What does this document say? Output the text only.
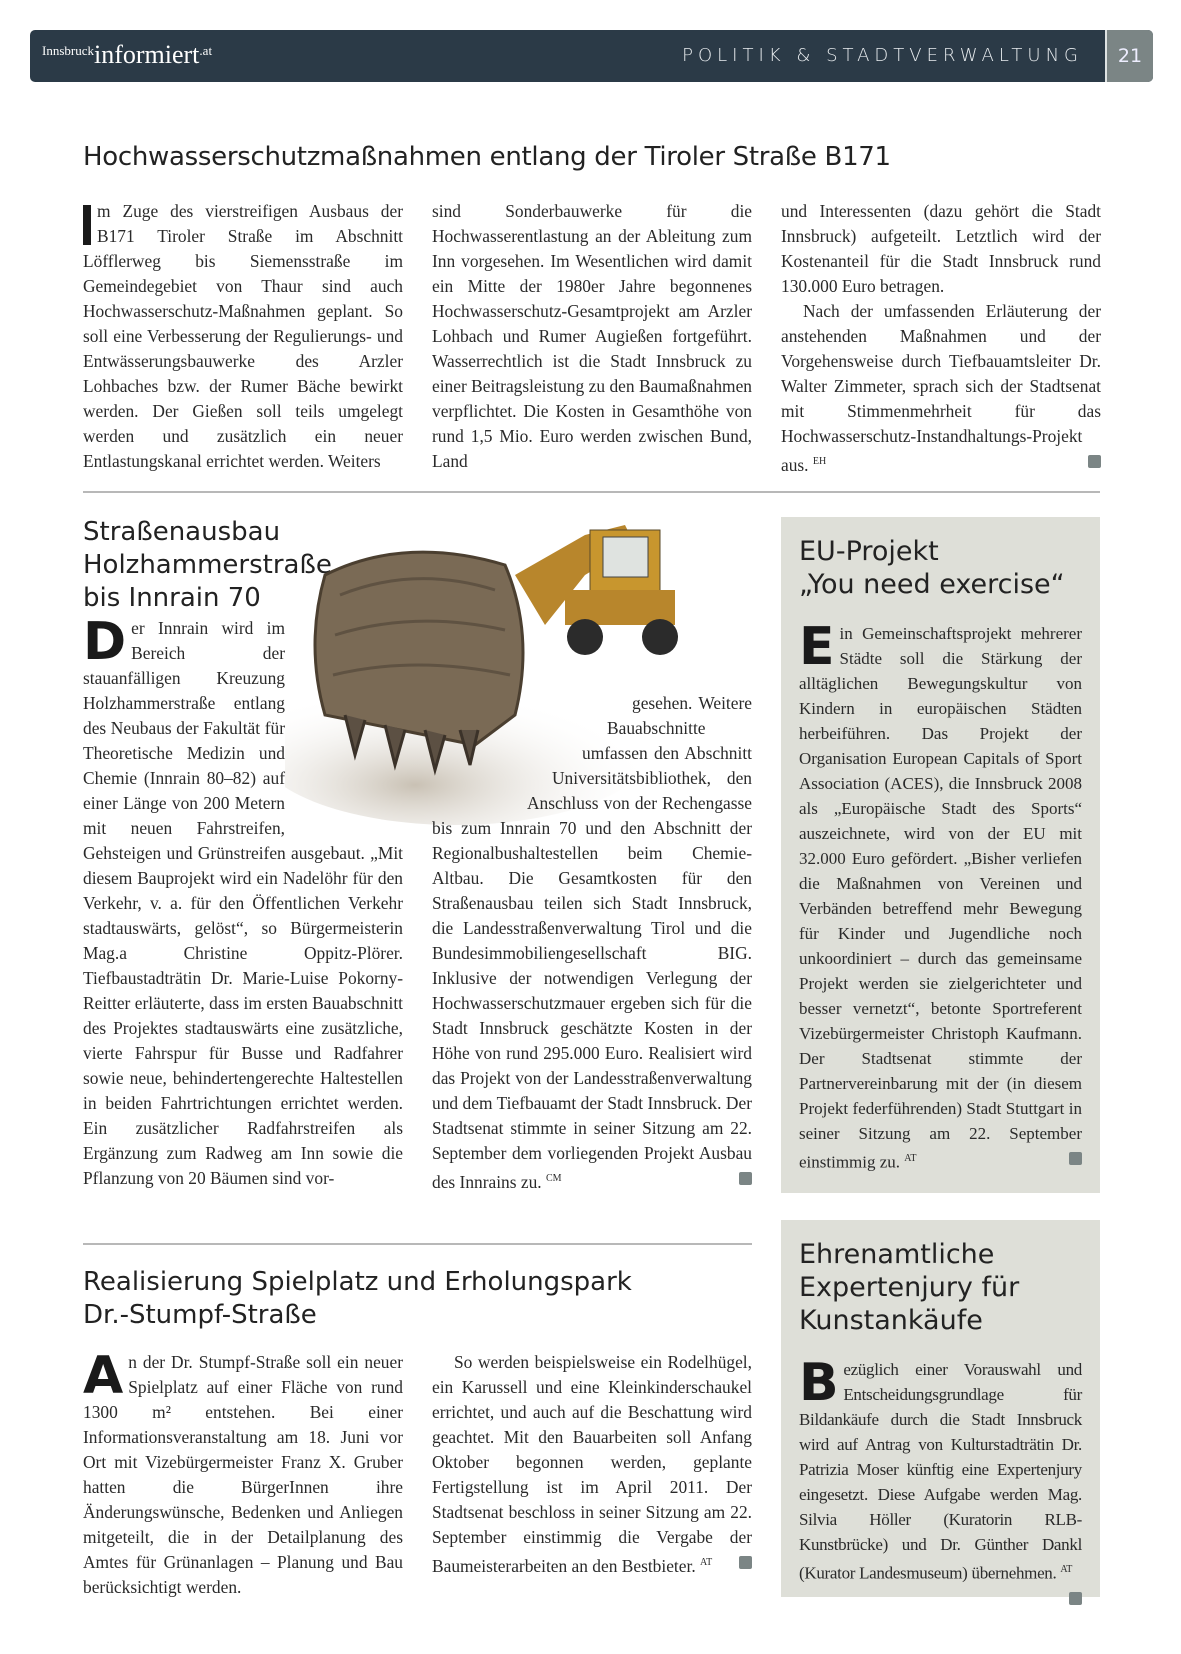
$^{Innsbruck}$informiert$^{.at}$	POLITIK & STADTVERWALTUNG	21
Hochwasserschutzmaßnahmen entlang der Tiroler Straße B171
m Zuge des vierstreifigen Ausbaus der B171 Tiroler Straße im Abschnitt Löfflerweg bis Siemensstraße im Gemeindegebiet von Thaur sind auch Hochwasserschutz-Maßnahmen geplant. So soll eine Verbesserung der Regulierungs- und Entwässerungsbauwerke des Arzler Lohbaches bzw. der Rumer Bäche bewirkt werden. Der Gießen soll teils umgelegt werden und zusätzlich ein neuer Entlastungskanal errichtet werden. Weiters
sind Sonderbauwerke für die Hochwasserentlastung an der Ableitung zum Inn vorgesehen. Im Wesentlichen wird damit ein Mitte der 1980er Jahre begonnenes Hochwasserschutz-Gesamtprojekt am Arzler Lohbach und Rumer Augießen fortgeführt. Wasserrechtlich ist die Stadt Innsbruck zu einer Beitragsleistung zu den Baumaßnahmen verpflichtet. Die Kosten in Gesamthöhe von rund 1,5 Mio. Euro werden zwischen Bund, Land
und Interessenten (dazu gehört die Stadt Innsbruck) aufgeteilt. Letztlich wird der Kostenanteil für die Stadt Innsbruck rund 130.000 Euro betragen.
Nach der umfassenden Erläuterung der anstehenden Maßnahmen und der Vorgehensweise durch Tiefbauamtsleiter Dr. Walter Zimmeter, sprach sich der Stadtsenat mit Stimmenmehrheit für das Hochwasserschutz-Instandhaltungs-Projekt aus. $^{EH}$
Straßenausbau
Holzhammerstraße
bis Innrain 70
Der Innrain wird im Bereich der stauanfälligen Kreuzung Holzhammerstraße entlang des Neubaus der Fakultät für Theoretische Medizin und Chemie (Innrain 80–82) auf einer Länge von 200 Metern mit neuen Fahrstreifen, Gehsteigen und Grünstreifen ausgebaut. „Mit diesem Bauprojekt wird ein Nadelöhr für den Verkehr, v. a. für den Öffentlichen Verkehr stadtauswärts, gelöst“, so Bürgermeisterin Mag.a Christine Oppitz-Plörer. Tiefbaustadträtin Dr. Marie-Luise Pokorny-Reitter erläuterte, dass im ersten Bauabschnitt des Projektes stadtauswärts eine zusätzliche, vierte Fahrspur für Busse und Radfahrer sowie neue, behindertengerechte Haltestellen in beiden Fahrtrichtungen errichtet werden. Ein zusätzlicher Radfahrstreifen als Ergänzung zum Radweg am Inn sowie die Pflanzung von 20 Bäumen sind vor-
gesehen. Weitere Bauabschnitte umfassen den Abschnitt Universitätsbibliothek, den Anschluss von der Rechengasse bis zum Innrain 70 und den Abschnitt der Regionalbushaltestellen beim Chemie-Altbau. Die Gesamtkosten für den Straßenausbau teilen sich Stadt Innsbruck, die Landesstraßenverwaltung Tirol und die Bundesimmobiliengesellschaft BIG. Inklusive der notwendigen Verlegung der Hochwasserschutzmauer ergeben sich für die Stadt Innsbruck geschätzte Kosten in der Höhe von rund 295.000 Euro. Realisiert wird das Projekt von der Landesstraßenverwaltung und dem Tiefbauamt der Stadt Innsbruck. Der Stadtsenat stimmte in seiner Sitzung am 22. September dem vorliegenden Projekt Ausbau des Innrains zu. $^{CM}$
EU-Projekt
„You need exercise“
Ein Gemeinschaftsprojekt mehrerer Städte soll die Stärkung der alltäglichen Bewegungskultur von Kindern in europäischen Städten herbeiführen. Das Projekt der Organisation European Capitals of Sport Association (ACES), die Innsbruck 2008 als „Europäische Stadt des Sports“ auszeichnete, wird von der EU mit 32.000 Euro gefördert. „Bisher verliefen die Maßnahmen von Vereinen und Verbänden betreffend mehr Bewegung für Kinder und Jugendliche noch unkoordiniert – durch das gemeinsame Projekt werden sie zielgerichteter und besser vernetzt“, betonte Sportreferent Vizebürgermeister Christoph Kaufmann. Der Stadtsenat stimmte der Partnervereinbarung mit der (in diesem Projekt federführenden) Stadt Stuttgart in seiner Sitzung am 22. September einstimmig zu. $^{AT}$
Ehrenamtliche
Expertenjury für
Kunstankäufe
Bezüglich einer Vorauswahl und Entscheidungsgrundlage für Bildankäufe durch die Stadt Innsbruck wird auf Antrag von Kulturstadträtin Dr. Patrizia Moser künftig eine Expertenjury eingesetzt. Diese Aufgabe werden Mag. Silvia Höller (Kuratorin RLB-Kunstbrücke) und Dr. Günther Dankl (Kurator Landesmuseum) übernehmen. $^{AT}$
Realisierung Spielplatz und Erholungspark
Dr.-Stumpf-Straße
An der Dr. Stumpf-Straße soll ein neuer Spielplatz auf einer Fläche von rund 1300 m² entstehen. Bei einer Informationsveranstaltung am 18. Juni vor Ort mit Vizebürgermeister Franz X. Gruber hatten die BürgerInnen ihre Änderungswünsche, Bedenken und Anliegen mitgeteilt, die in der Detailplanung des Amtes für Grünanlagen – Planung und Bau berücksichtigt werden.
So werden beispielsweise ein Rodelhügel, ein Karussell und eine Kleinkinderschaukel errichtet, und auch auf die Beschattung wird geachtet. Mit den Bauarbeiten soll Anfang Oktober begonnen werden, geplante Fertigstellung ist im April 2011. Der Stadtsenat beschloss in seiner Sitzung am 22. September einstimmig die Vergabe der Baumeisterarbeiten an den Bestbieter. $^{AT}$
